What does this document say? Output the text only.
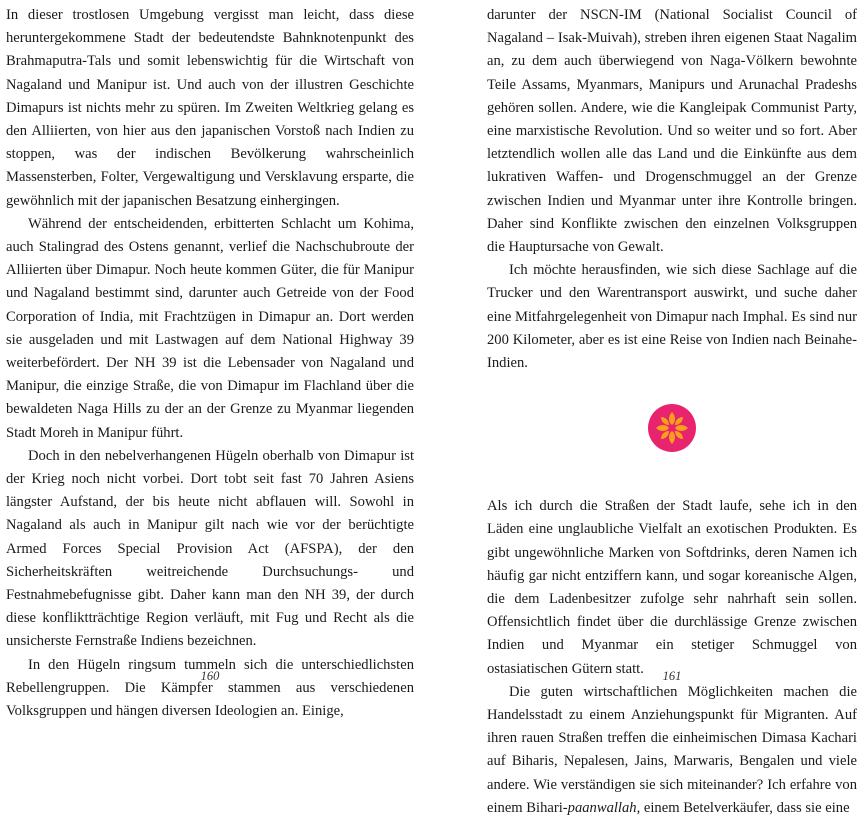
In dieser trostlosen Umgebung vergisst man leicht, dass diese heruntergekommene Stadt der bedeutendste Bahnknotenpunkt des Brahmaputra-Tals und somit lebenswichtig für die Wirtschaft von Nagaland und Manipur ist. Und auch von der illustren Geschichte Dimapurs ist nichts mehr zu spüren. Im Zweiten Weltkrieg gelang es den Alliierten, von hier aus den japanischen Vorstoß nach Indien zu stoppen, was der indischen Bevölkerung wahrscheinlich Massensterben, Folter, Vergewaltigung und Versklavung ersparte, die gewöhnlich mit der japanischen Besatzung einhergingen.

Während der entscheidenden, erbitterten Schlacht um Kohima, auch Stalingrad des Ostens genannt, verlief die Nachschubroute der Alliierten über Dimapur. Noch heute kommen Güter, die für Manipur und Nagaland bestimmt sind, darunter auch Getreide von der Food Corporation of India, mit Frachtzügen in Dimapur an. Dort werden sie ausgeladen und mit Lastwagen auf dem National Highway 39 weiterbefördert. Der NH 39 ist die Lebensader von Nagaland und Manipur, die einzige Straße, die von Dimapur im Flachland über die bewaldeten Naga Hills zu der an der Grenze zu Myanmar liegenden Stadt Moreh in Manipur führt.

Doch in den nebelverhangenen Hügeln oberhalb von Dimapur ist der Krieg noch nicht vorbei. Dort tobt seit fast 70 Jahren Asiens längster Aufstand, der bis heute nicht abflauen will. Sowohl in Nagaland als auch in Manipur gilt nach wie vor der berüchtigte Armed Forces Special Provision Act (AFSPA), der den Sicherheitskräften weitreichende Durchsuchungs- und Festnahmebefugnisse gibt. Daher kann man den NH 39, der durch diese konfliktträchtige Region verläuft, mit Fug und Recht als die unsicherste Fernstraße Indiens bezeichnen.

In den Hügeln ringsum tummeln sich die unterschiedlichsten Rebellengruppen. Die Kämpfer stammen aus verschiedenen Volksgruppen und hängen diversen Ideologien an. Einige,

160

darunter der NSCN-IM (National Socialist Council of Nagaland – Isak-Muivah), streben ihren eigenen Staat Nagalim an, zu dem auch überwiegend von Naga-Völkern bewohnte Teile Assams, Myanmars, Manipurs und Arunachal Pradeshs gehören sollen. Andere, wie die Kangleipak Communist Party, eine marxistische Revolution. Und so weiter und so fort. Aber letztendlich wollen alle das Land und die Einkünfte aus dem lukrativen Waffen- und Drogenschmuggel an der Grenze zwischen Indien und Myanmar unter ihre Kontrolle bringen. Daher sind Konflikte zwischen den einzelnen Volksgruppen die Hauptursache von Gewalt.

Ich möchte herausfinden, wie sich diese Sachlage auf die Trucker und den Warentransport auswirkt, und suche daher eine Mitfahrgelegenheit von Dimapur nach Imphal. Es sind nur 200 Kilometer, aber es ist eine Reise von Indien nach Beinahe-Indien.

Als ich durch die Straßen der Stadt laufe, sehe ich in den Läden eine unglaubliche Vielfalt an exotischen Produkten. Es gibt ungewöhnliche Marken von Softdrinks, deren Namen ich häufig gar nicht entziffern kann, und sogar koreanische Algen, die dem Ladenbesitzer zufolge sehr nahrhaft sein sollen. Offensichtlich findet über die durchlässige Grenze zwischen Indien und Myanmar ein stetiger Schmuggel von ostasiatischen Gütern statt.

Die guten wirtschaftlichen Möglichkeiten machen die Handelsstadt zu einem Anziehungspunkt für Migranten. Auf ihren rauen Straßen treffen die einheimischen Dimasa Kachari auf Biharis, Nepalesen, Jains, Marwaris, Bengalen und viele andere. Wie verständigen sie sich miteinander? Ich erfahre von einem Bihari-paanwallah, einem Betelverkäufer, dass sie eine

161
